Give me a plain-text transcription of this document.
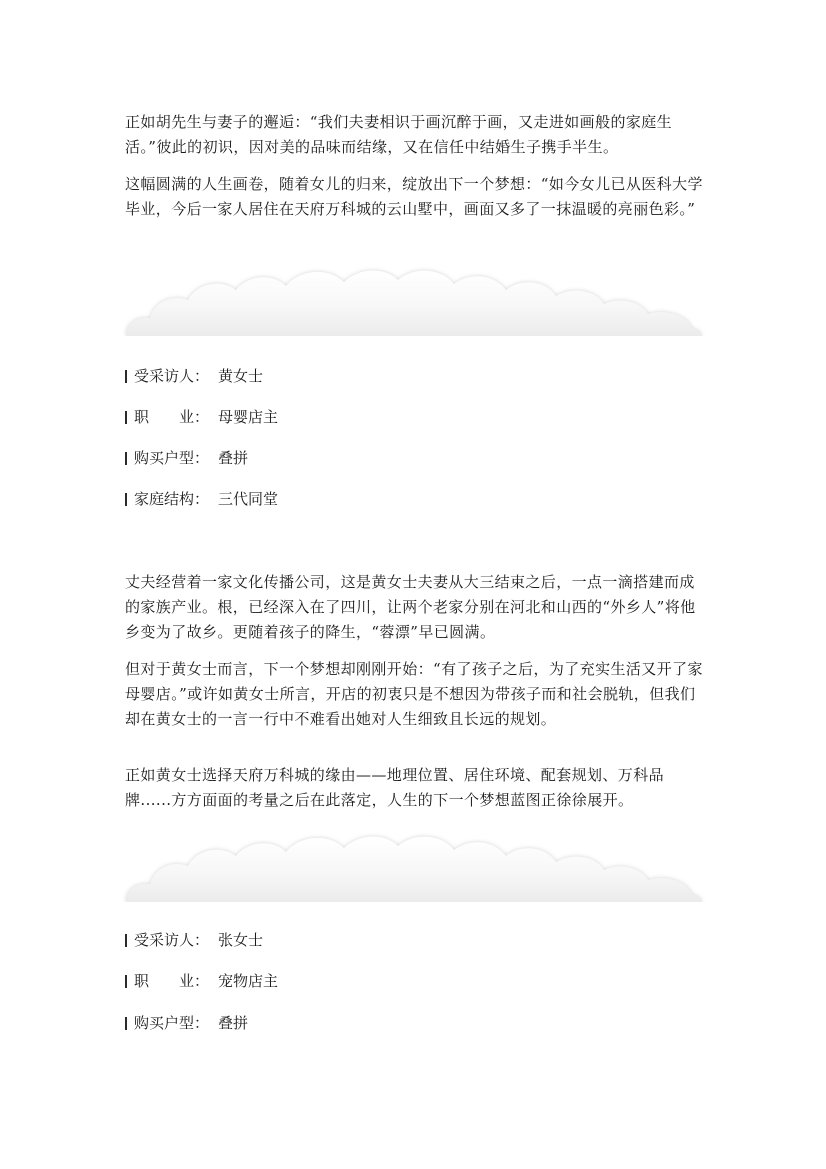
正如胡先生与妻子的邂逅：“我们夫妻相识于画沉醉于画，又走进如画般的家庭生活。”彼此的初识，因对美的品味而结缘，又在信任中结婚生子携手半生。

这幅圆满的人生画卷，随着女儿的归来，绽放出下一个梦想：“如今女儿已从医科大学毕业，今后一家人居住在天府万科城的云山墅中，画面又多了一抹温暖的亮丽色彩。”

受采访人： 黄女士
职　　业： 母婴店主
购买户型： 叠拼
家庭结构： 三代同堂

丈夫经营着一家文化传播公司，这是黄女士夫妻从大三结束之后，一点一滴搭建而成的家族产业。根，已经深入在了四川，让两个老家分别在河北和山西的“外乡人”将他乡变为了故乡。更随着孩子的降生，“蓉漂”早已圆满。

但对于黄女士而言，下一个梦想却刚刚开始：“有了孩子之后，为了充实生活又开了家母婴店。”或许如黄女士所言，开店的初衷只是不想因为带孩子而和社会脱轨，但我们却在黄女士的一言一行中不难看出她对人生细致且长远的规划。

正如黄女士选择天府万科城的缘由——地理位置、居住环境、配套规划、万科品牌......方方面面的考量之后在此落定，人生的下一个梦想蓝图正徐徐展开。

受采访人： 张女士
职　　业： 宠物店主
购买户型： 叠拼
